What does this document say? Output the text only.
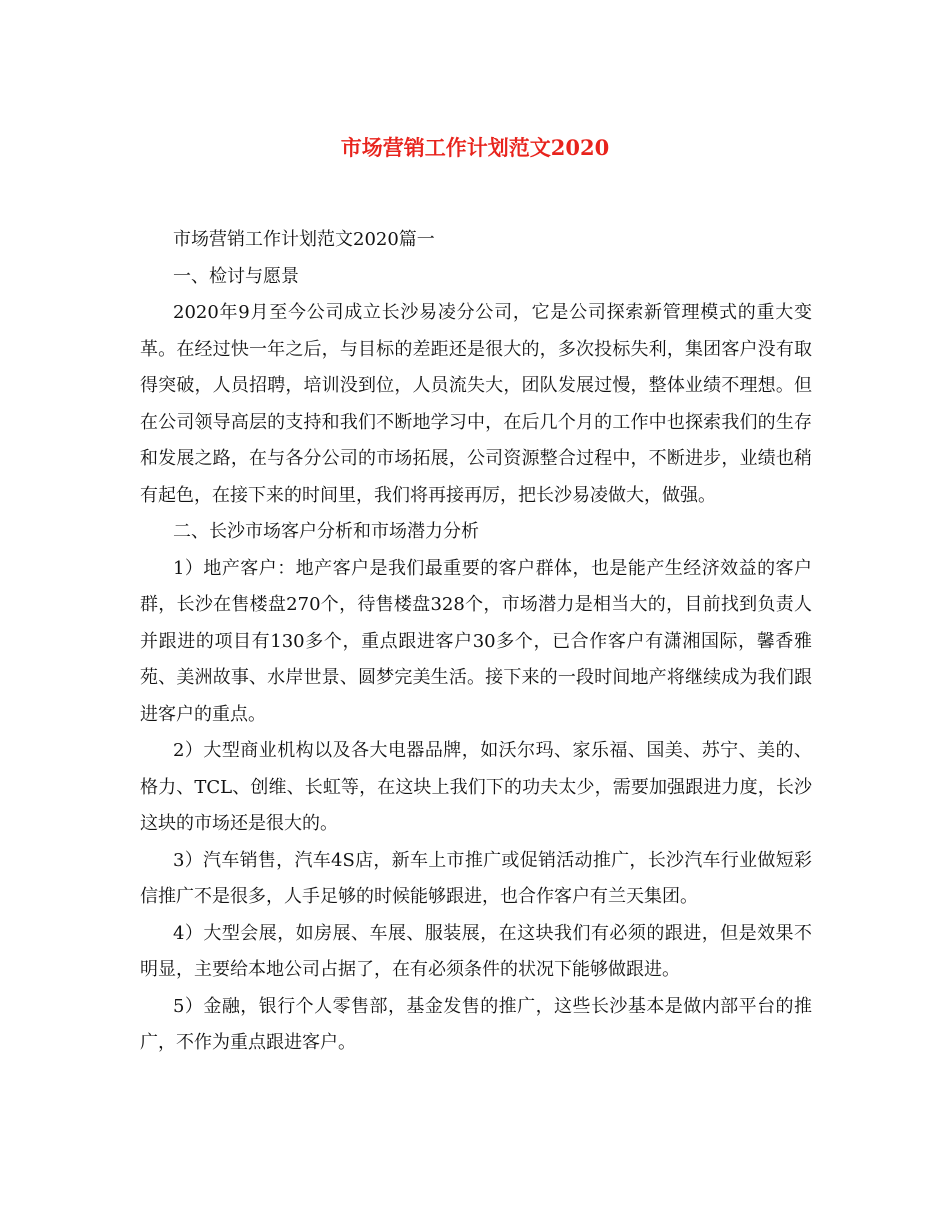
市场营销工作计划范文2020

市场营销工作计划范文2020篇一

一、检讨与愿景

2020年9月至今公司成立长沙易凌分公司，它是公司探索新管理模式的重大变革。在经过快一年之后，与目标的差距还是很大的，多次投标失利，集团客户没有取得突破，人员招聘，培训没到位，人员流失大，团队发展过慢，整体业绩不理想。但在公司领导高层的支持和我们不断地学习中，在后几个月的工作中也探索我们的生存和发展之路，在与各分公司的市场拓展，公司资源整合过程中，不断进步，业绩也稍有起色，在接下来的时间里，我们将再接再厉，把长沙易凌做大，做强。

二、长沙市场客户分析和市场潜力分析

1）地产客户：地产客户是我们最重要的客户群体，也是能产生经济效益的客户群，长沙在售楼盘270个，待售楼盘328个，市场潜力是相当大的，目前找到负责人并跟进的项目有130多个，重点跟进客户30多个，已合作客户有潇湘国际，馨香雅苑、美洲故事、水岸世景、圆梦完美生活。接下来的一段时间地产将继续成为我们跟进客户的重点。

2）大型商业机构以及各大电器品牌，如沃尔玛、家乐福、国美、苏宁、美的、格力、TCL、创维、长虹等，在这块上我们下的功夫太少，需要加强跟进力度，长沙这块的市场还是很大的。

3）汽车销售，汽车4S店，新车上市推广或促销活动推广，长沙汽车行业做短彩信推广不是很多，人手足够的时候能够跟进，也合作客户有兰天集团。

4）大型会展，如房展、车展、服装展，在这块我们有必须的跟进，但是效果不明显，主要给本地公司占据了，在有必须条件的状况下能够做跟进。

5）金融，银行个人零售部，基金发售的推广，这些长沙基本是做内部平台的推广，不作为重点跟进客户。
